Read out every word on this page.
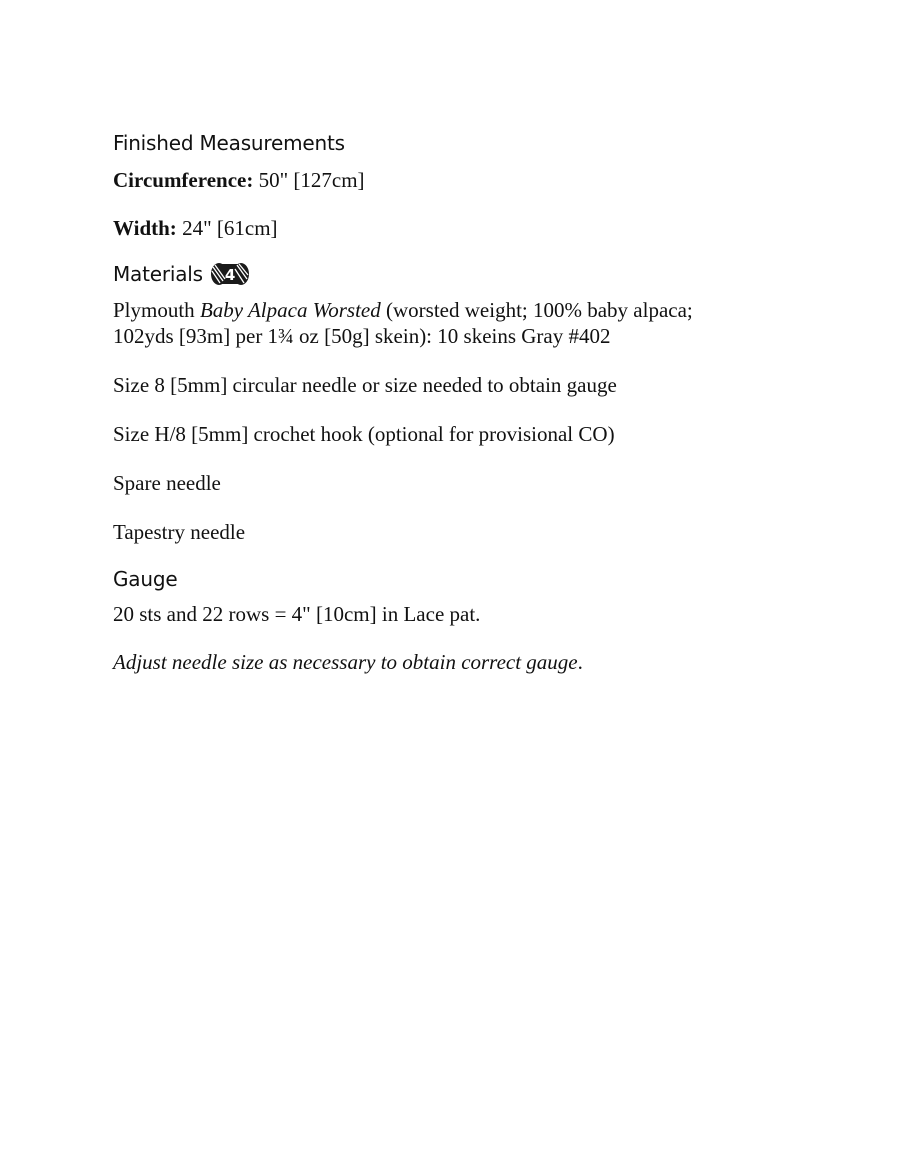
Finished Measurements

Circumference: 50" [127cm]

Width: 24" [61cm]

Materials 4

Plymouth Baby Alpaca Worsted (worsted weight; 100% baby alpaca;
102yds [93m] per 1¾ oz [50g] skein): 10 skeins Gray #402

Size 8 [5mm] circular needle or size needed to obtain gauge

Size H/8 [5mm] crochet hook (optional for provisional CO)

Spare needle

Tapestry needle

Gauge

20 sts and 22 rows = 4" [10cm] in Lace pat.

Adjust needle size as necessary to obtain correct gauge.
